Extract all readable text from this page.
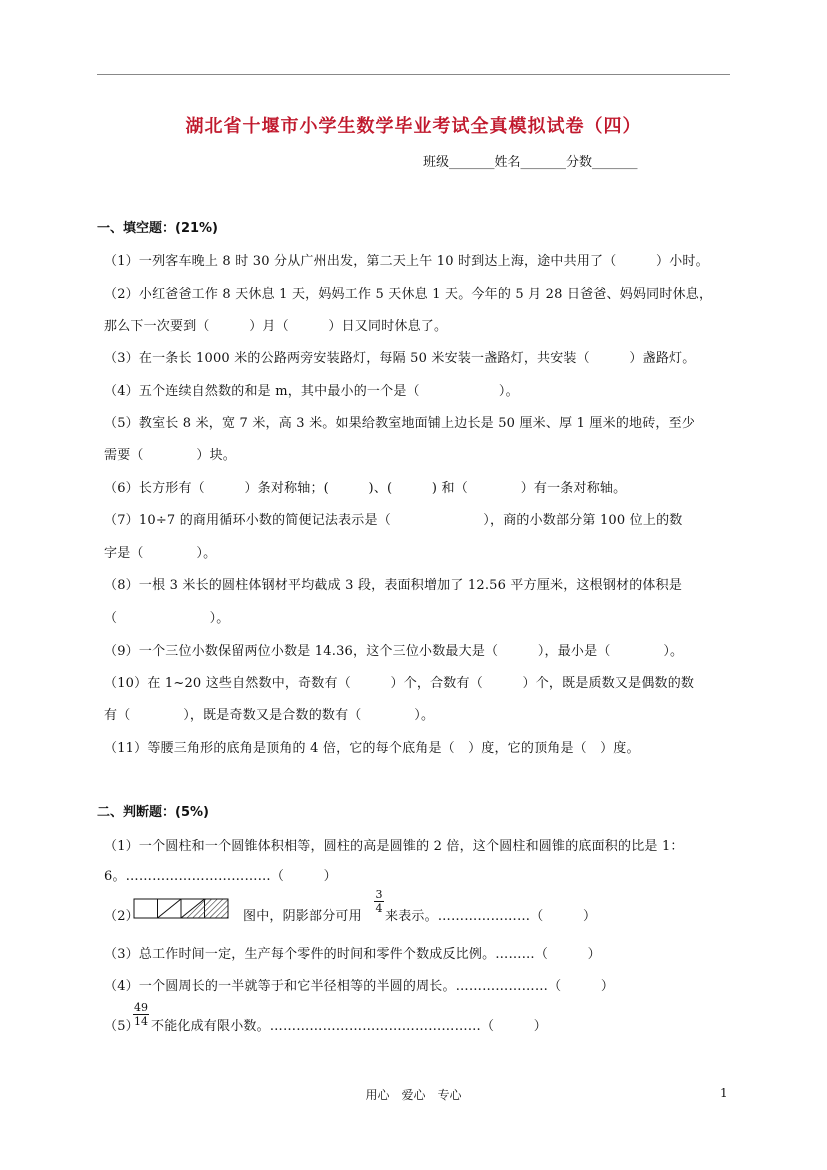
湖北省十堰市小学生数学毕业考试全真模拟试卷（四）
班级_______姓名_______分数_______
一、填空题：(21%)
（1）一列客车晚上 8 时 30 分从广州出发，第二天上午 10 时到达上海，途中共用了（　　　）小时。
（2）小红爸爸工作 8 天休息 1 天，妈妈工作 5 天休息 1 天。今年的 5 月 28 日爸爸、妈妈同时休息，
那么下一次要到（　　　）月（　　　）日又同时休息了。
（3）在一条长 1000 米的公路两旁安装路灯，每隔 50 米安装一盏路灯，共安装（　　　）盏路灯。
（4）五个连续自然数的和是 m，其中最小的一个是（　　　　　　）。
（5）教室长 8 米，宽 7 米，高 3 米。如果给教室地面铺上边长是 50 厘米、厚 1 厘米的地砖，至少
需要（　　　　）块。
（6）长方形有（　　　）条对称轴；(　　　)、(　　　) 和（　　　　）有一条对称轴。
（7）10÷7 的商用循环小数的简便记法表示是（　　　　　　　），商的小数部分第 100 位上的数
字是（　　　　）。
（8）一根 3 米长的圆柱体钢材平均截成 3 段，表面积增加了 12.56 平方厘米，这根钢材的体积是
（　　　　　　　）。
（9）一个三位小数保留两位小数是 14.36，这个三位小数最大是（　　　），最小是（　　　　）。
（10）在 1~20 这些自然数中，奇数有（　　　）个，合数有（　　　）个，既是质数又是偶数的数
有（　　　　），既是奇数又是合数的数有（　　　　）。
（11）等腰三角形的底角是顶角的 4 倍，它的每个底角是（　）度，它的顶角是（　）度。
二、判断题：(5%)
（1）一个圆柱和一个圆锥体积相等，圆柱的高是圆锥的 2 倍，这个圆柱和圆锥的底面积的比是 1：
6。……………………………（　　　）
（2）	图中，阴影部分可用
3
4
来表示。…………………（　　　）
（3）总工作时间一定，生产每个零件的时间和零件个数成反比例。………（　　　）
（4）一个圆周长的一半就等于和它半径相等的半圆的周长。…………………（　　　）
（5）
49
14 不能化成有限小数。…………………………………………（　　　）
用心　爱心　专心	1
